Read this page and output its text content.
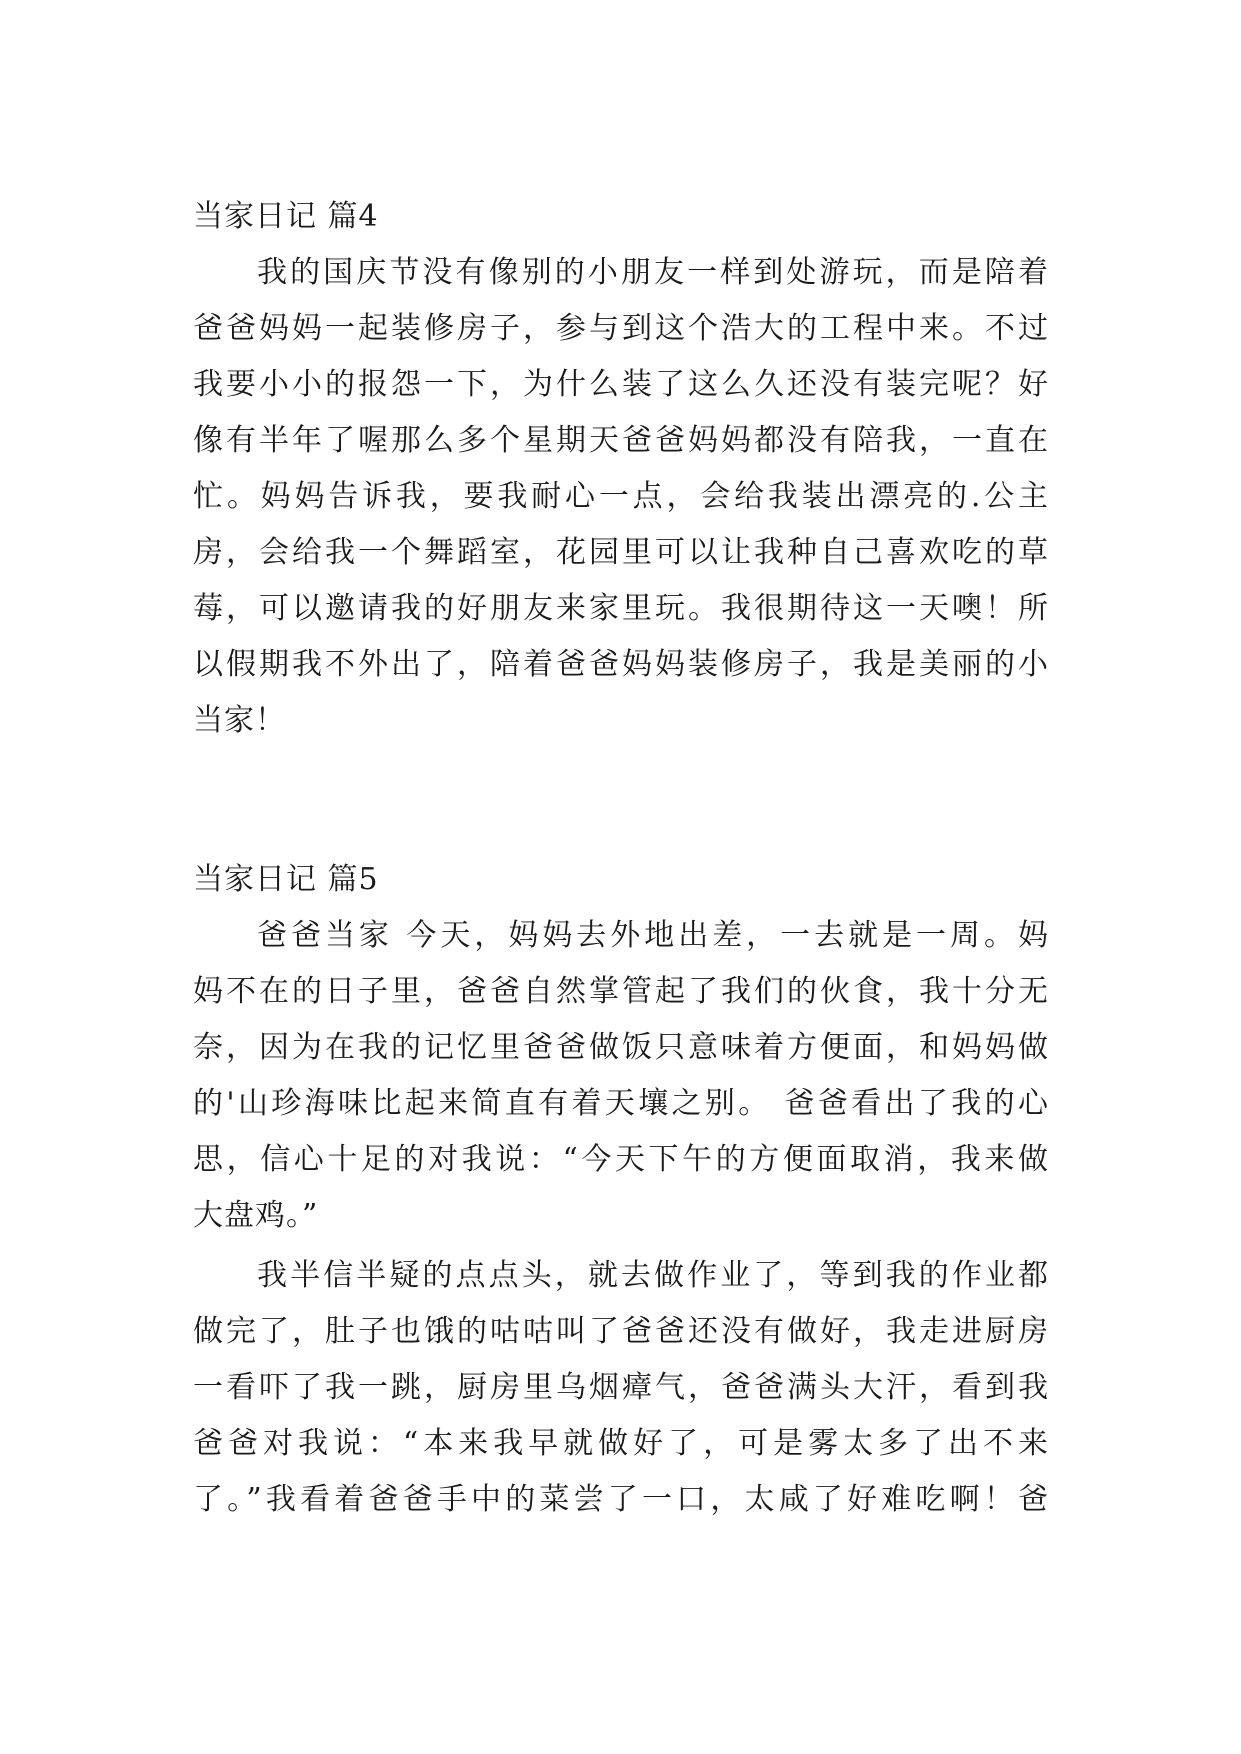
当家日记 篇4
我的国庆节没有像别的小朋友一样到处游玩，而是陪着
爸爸妈妈一起装修房子，参与到这个浩大的工程中来。不过
我要小小的报怨一下，为什么装了这么久还没有装完呢？好
像有半年了喔那么多个星期天爸爸妈妈都没有陪我，一直在
忙。妈妈告诉我，要我耐心一点，会给我装出漂亮的.公主
房，会给我一个舞蹈室，花园里可以让我种自己喜欢吃的草
莓，可以邀请我的好朋友来家里玩。我很期待这一天噢！所
以假期我不外出了，陪着爸爸妈妈装修房子，我是美丽的小
当家！
当家日记 篇5
爸爸当家 今天，妈妈去外地出差，一去就是一周。妈
妈不在的日子里，爸爸自然掌管起了我们的伙食，我十分无
奈，因为在我的记忆里爸爸做饭只意味着方便面，和妈妈做
的'山珍海味比起来简直有着天壤之别。 爸爸看出了我的心
思，信心十足的对我说：“今天下午的方便面取消，我来做
大盘鸡。”
我半信半疑的点点头，就去做作业了，等到我的作业都
做完了，肚子也饿的咕咕叫了爸爸还没有做好，我走进厨房
一看吓了我一跳，厨房里乌烟瘴气，爸爸满头大汗，看到我
爸爸对我说：“本来我早就做好了，可是雾太多了出不来
了。”我看着爸爸手中的菜尝了一口，太咸了好难吃啊！爸
